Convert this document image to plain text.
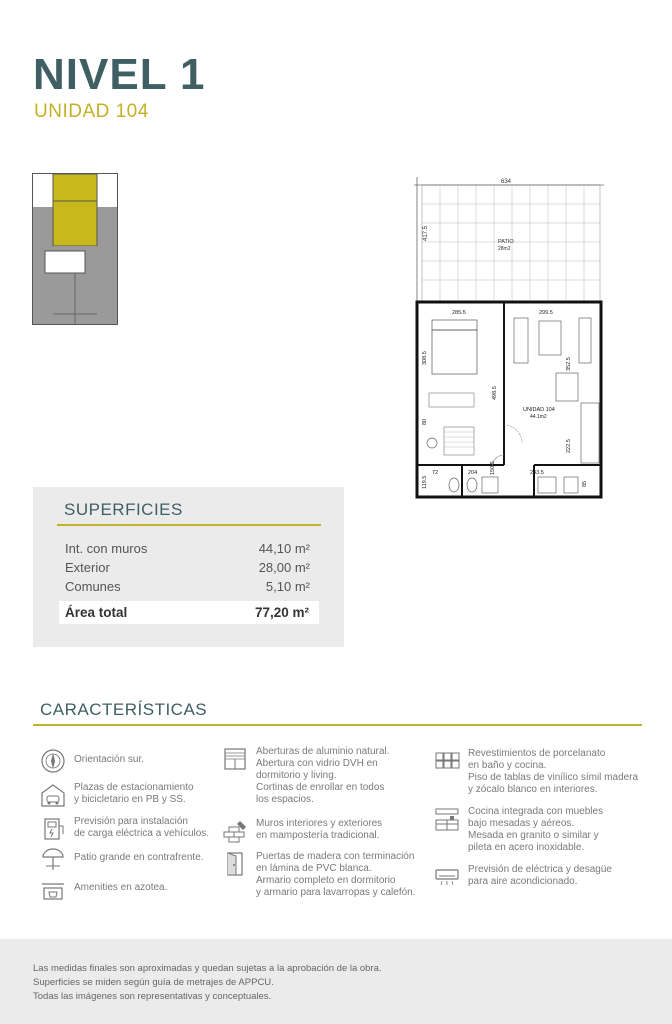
NIVEL 1
UNIDAD 104
634
417.5
PATIO
28m2
285.5	299.5
308.5
498.5
352.5
80
222.5
72	204 150.5	243.5
119.5	85
UNIDAD 104
44.1m2
SUPERFICIES
Int. con muros	44,10 m²
Exterior	28,00 m²
Comunes	5,10 m²
Área total	77,20 m²
CARACTERÍSTICAS
Orientación sur.
Plazas de estacionamiento
y bicicletario en PB y SS.
Previsión para instalación
de carga eléctrica a vehículos.
Patio grande en contrafrente.
Amenities en azotea.
Aberturas de aluminio natural.
Abertura con vidrio DVH en
dormitorio y living.
Cortinas de enrollar en todos
los espacios.
Muros interiores y exteriores
en mampostería tradicional.
Puertas de madera con terminación
en lámina de PVC blanca.
Armario completo en dormitorio
y armario para lavarropas y calefón.
Revestimientos de porcelanato
en baño y cocina.
Piso de tablas de vinílico símil madera
y zócalo blanco en interiores.
Cocina integrada con muebles
bajo mesadas y aéreos.
Mesada en granito o similar y
pileta en acero inoxidable.
Previsión de eléctrica y desagüe
para aire acondicionado.
Las medidas finales son aproximadas y quedan sujetas a la aprobación de la obra.
Superficies se miden según guía de metrajes de APPCU.
Todas las imágenes son representativas y conceptuales.
